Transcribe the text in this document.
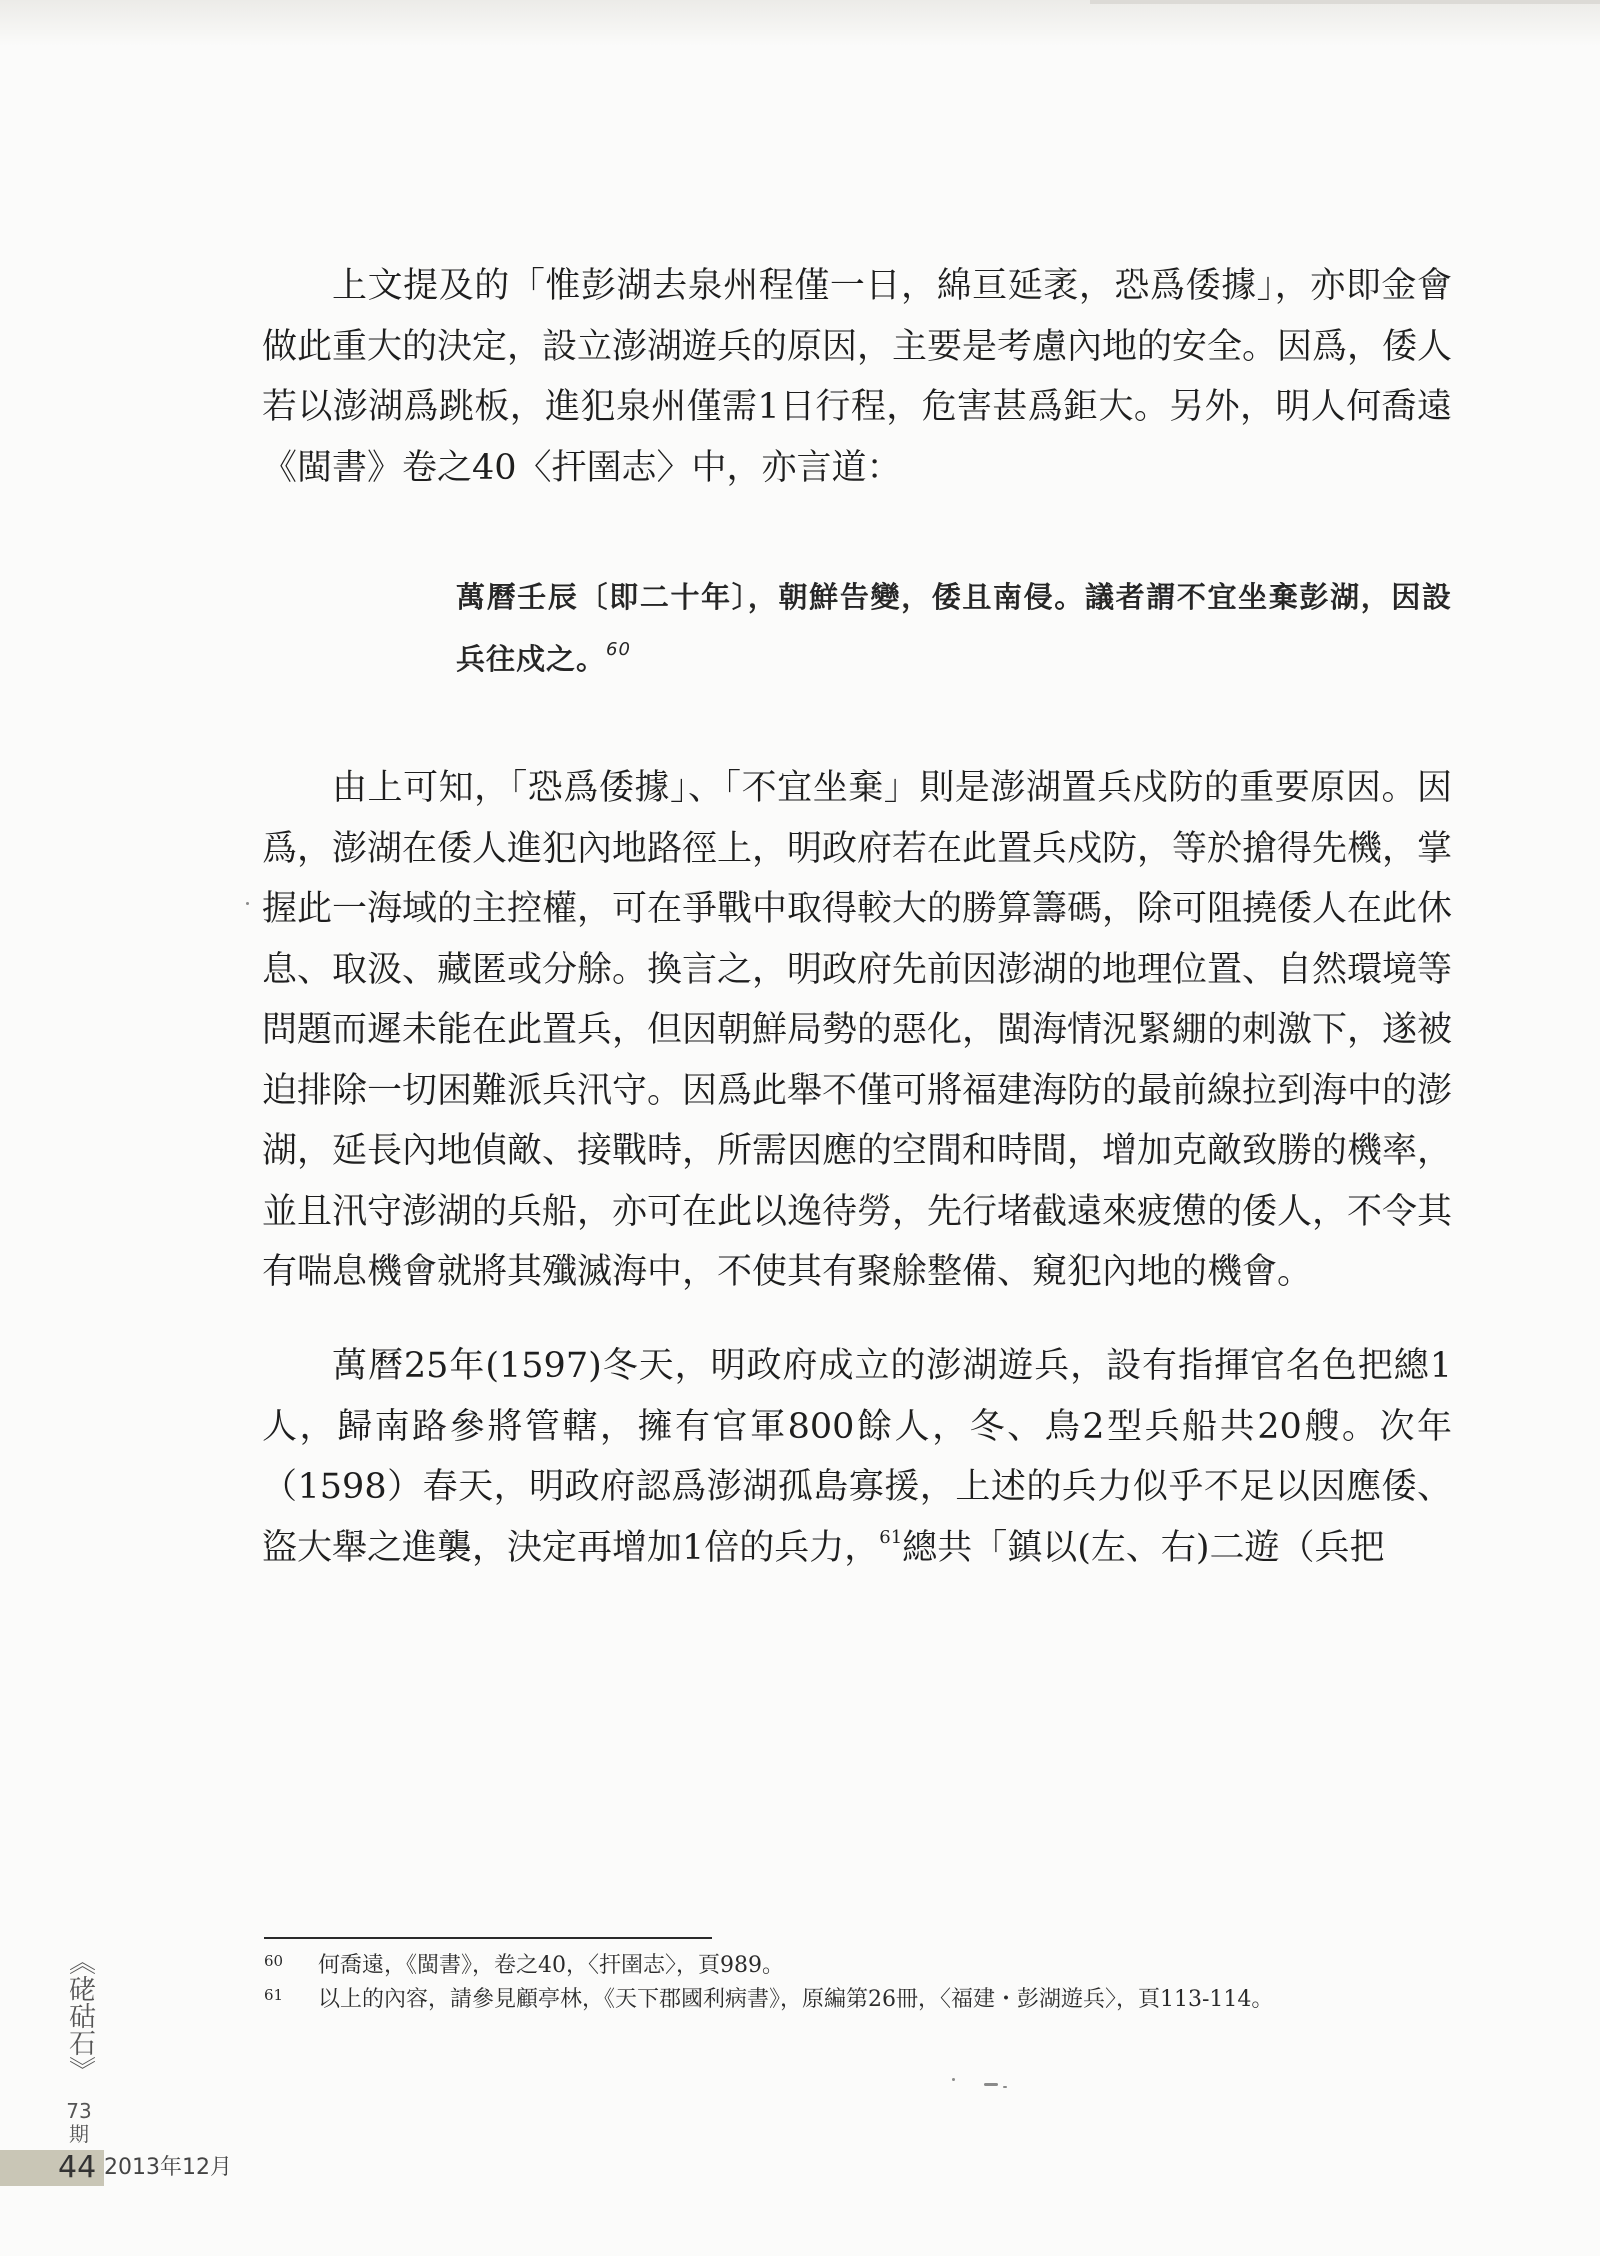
上文提及的「惟彭湖去泉州程僅一日，綿亘延袤，恐爲倭據」，亦即金會做此重大的決定，設立澎湖遊兵的原因，主要是考慮內地的安全。因爲，倭人若以澎湖爲跳板，進犯泉州僅需1日行程，危害甚爲鉅大。另外，明人何喬遠《閩書》卷之40〈扞圉志〉中，亦言道：

萬曆壬辰〔即二十年〕，朝鮮告變，倭且南侵。議者謂不宜坐棄彭湖，因設兵往戍之。$^{60}$

由上可知，「恐爲倭據」、「不宜坐棄」則是澎湖置兵戍防的重要原因。因爲，澎湖在倭人進犯內地路徑上，明政府若在此置兵戍防，等於搶得先機，掌握此一海域的主控權，可在爭戰中取得較大的勝算籌碼，除可阻撓倭人在此休息、取汲、藏匿或分艅。換言之，明政府先前因澎湖的地理位置、自然環境等問題而遲未能在此置兵，但因朝鮮局勢的惡化，閩海情況緊綳的刺激下，遂被迫排除一切困難派兵汛守。因爲此舉不僅可將福建海防的最前線拉到海中的澎湖，延長內地偵敵、接戰時，所需因應的空間和時間，增加克敵致勝的機率，並且汛守澎湖的兵船，亦可在此以逸待勞，先行堵截遠來疲憊的倭人，不令其有喘息機會就將其殲滅海中，不使其有聚艅整備、窺犯內地的機會。

萬曆25年(1597)冬天，明政府成立的澎湖遊兵，設有指揮官名色把總1人，歸南路參將管轄，擁有官軍800餘人，冬、鳥2型兵船共20艘。次年（1598）春天，明政府認爲澎湖孤島寡援，上述的兵力似乎不足以因應倭、盜大舉之進襲，決定再增加1倍的兵力，$^{61}$總共「鎮以(左、右)二遊（兵把

60 何喬遠，《閩書》，卷之40，〈扞圉志〉，頁989。
61 以上的內容，請參見顧亭林，《天下郡國利病書》，原編第26冊，〈福建・彭湖遊兵〉，頁113-114。
《硓𥑮石》
73期
44 2013年12月
